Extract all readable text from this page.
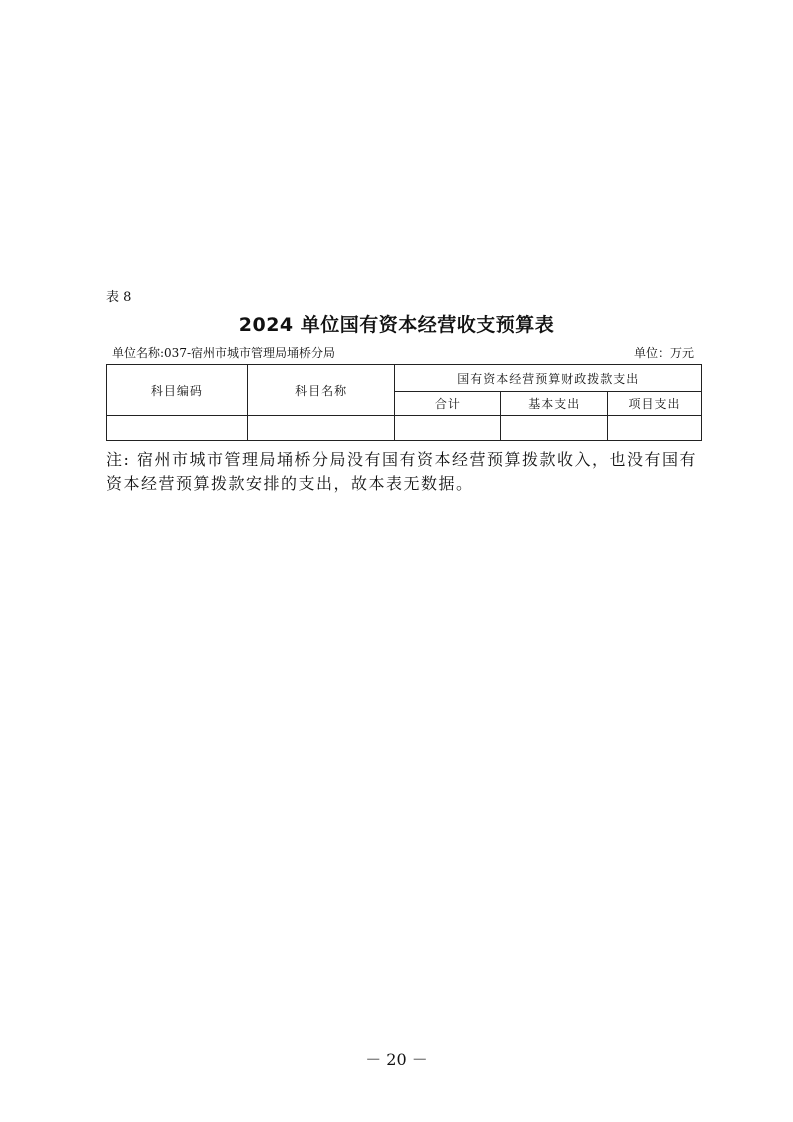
表 8
2024 单位国有资本经营收支预算表
单位名称:037-宿州市城市管理局埇桥分局	单位：万元
科目编码	科目名称	国有资本经营预算财政拨款支出		
		合计	基本支出	项目支出

注: 宿州市城市管理局埇桥分局没有国有资本经营预算拨款收入，也没有国有资本经营预算拨款安排的支出，故本表无数据。
－ 20 －
